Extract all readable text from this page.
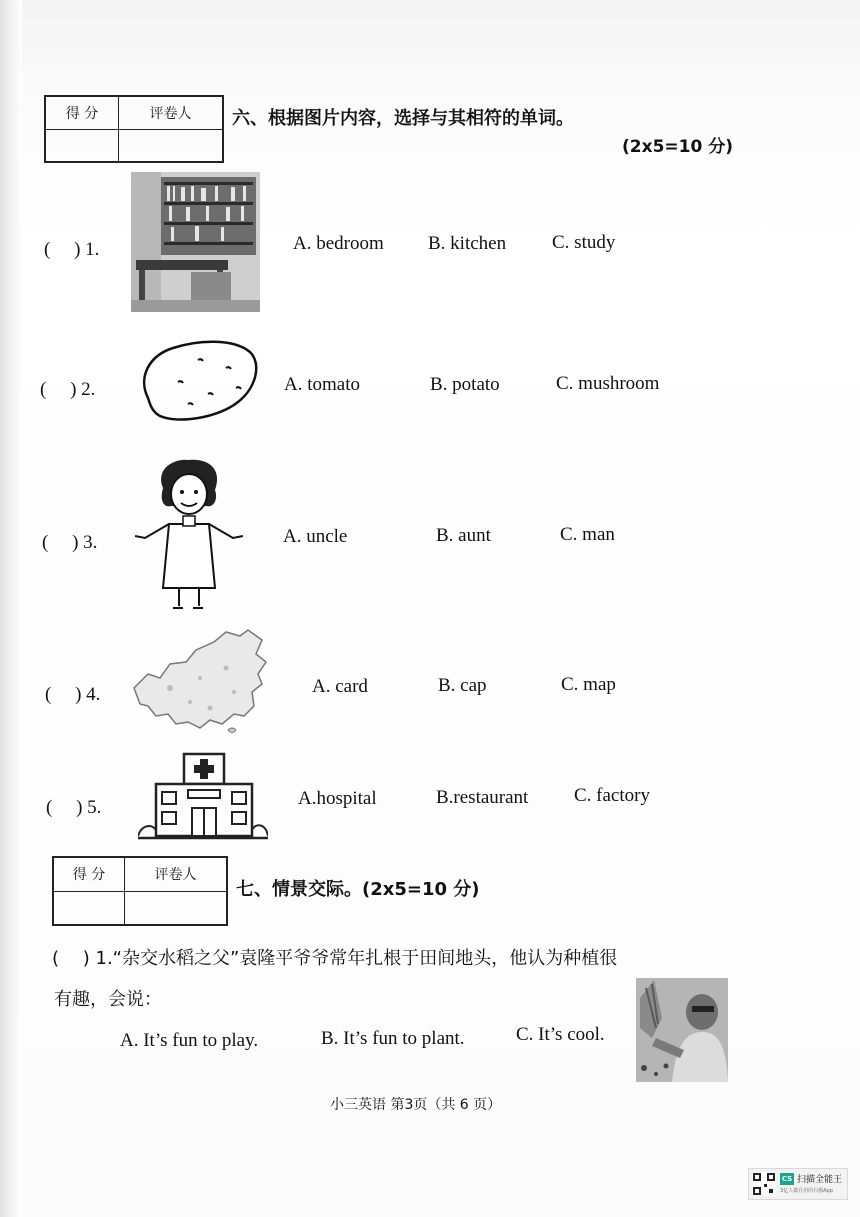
得 分	评卷人
	六、根据图片内容，选择与其相符的单词。
(2x5=10 分)
(　 ) 1.	A. bedroom B. kitchen C. study
(　 ) 2.	A. tomato	B. potato	C. mushroom
(　 ) 3.	A. uncle	B. aunt	C. man
(　 ) 4.	A. card	B. cap	C. map
(　 ) 5.	A.hospital	B.restaurant C. factory
得 分	评卷人

七、情景交际。(2x5=10 分)
(　 ) 1.“杂交水稻之父”袁隆平爷爷常年扎根于田间地头，他认为种植很
有趣，会说：
A. It’s fun to play.	B. It’s fun to plant.	C. It’s cool.
小三英语 第3页（共 6 页）
CS 扫描全能王
3亿人都在用的扫描App
